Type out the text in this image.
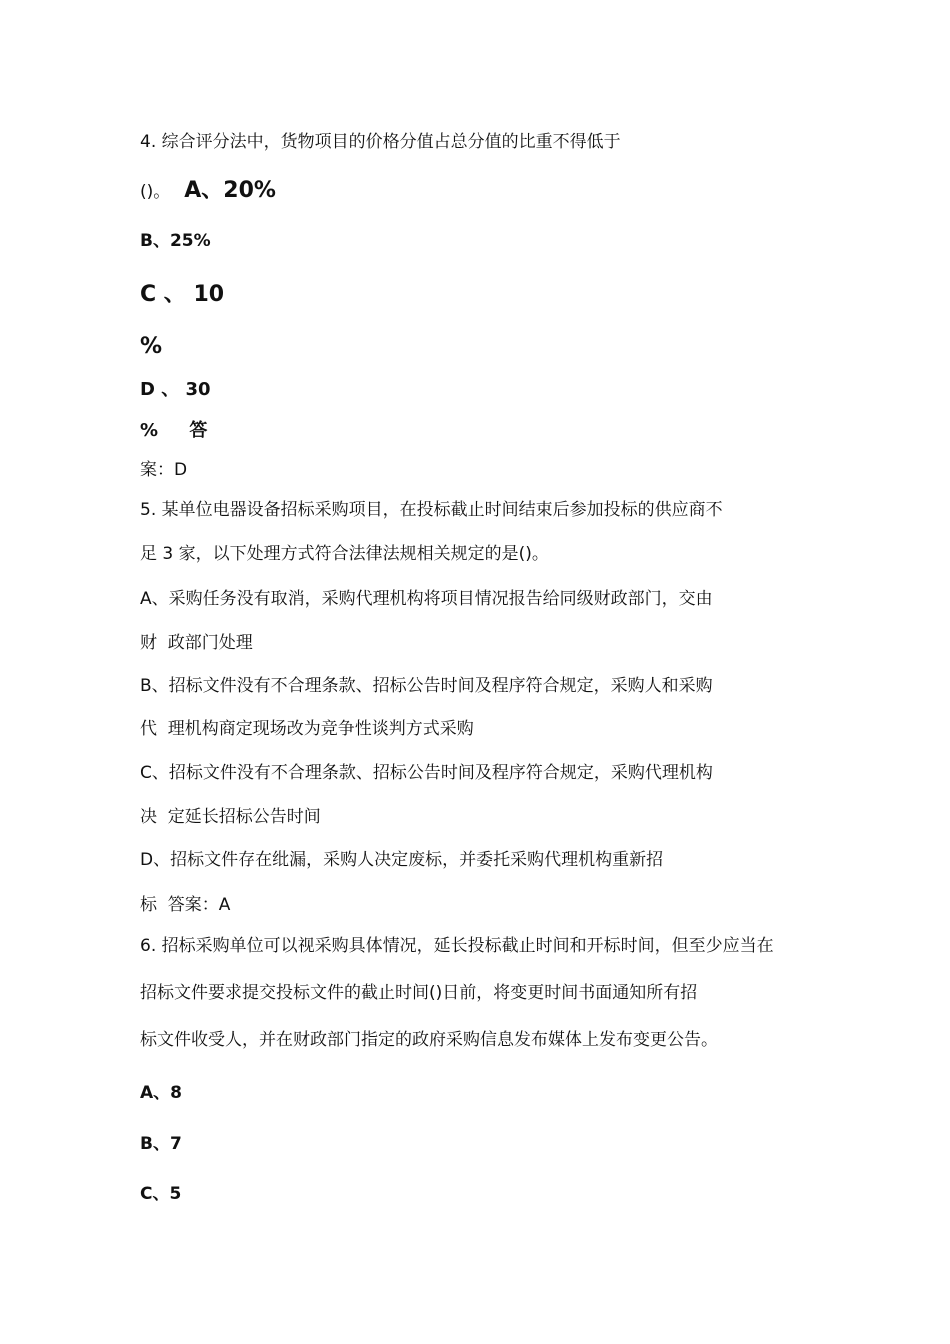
4. 综合评分法中，货物项目的价格分值占总分值的比重不得低于
()。 A、20%
B、25%
C 、 10
%
D 、 30
%     答
案：D
5. 某单位电器设备招标采购项目，在投标截止时间结束后参加投标的供应商不
足 3 家，以下处理方式符合法律法规相关规定的是()。
A、采购任务没有取消，采购代理机构将项目情况报告给同级财政部门，交由
财  政部门处理
B、招标文件没有不合理条款、招标公告时间及程序符合规定，采购人和采购
代  理机构商定现场改为竞争性谈判方式采购
C、招标文件没有不合理条款、招标公告时间及程序符合规定，采购代理机构
决  定延长招标公告时间
D、招标文件存在纰漏，采购人决定废标，并委托采购代理机构重新招
标  答案：A
6. 招标采购单位可以视采购具体情况，延长投标截止时间和开标时间，但至少应当在
招标文件要求提交投标文件的截止时间()日前，将变更时间书面通知所有招
标文件收受人，并在财政部门指定的政府采购信息发布媒体上发布变更公告。
A、8
B、7
C、5
